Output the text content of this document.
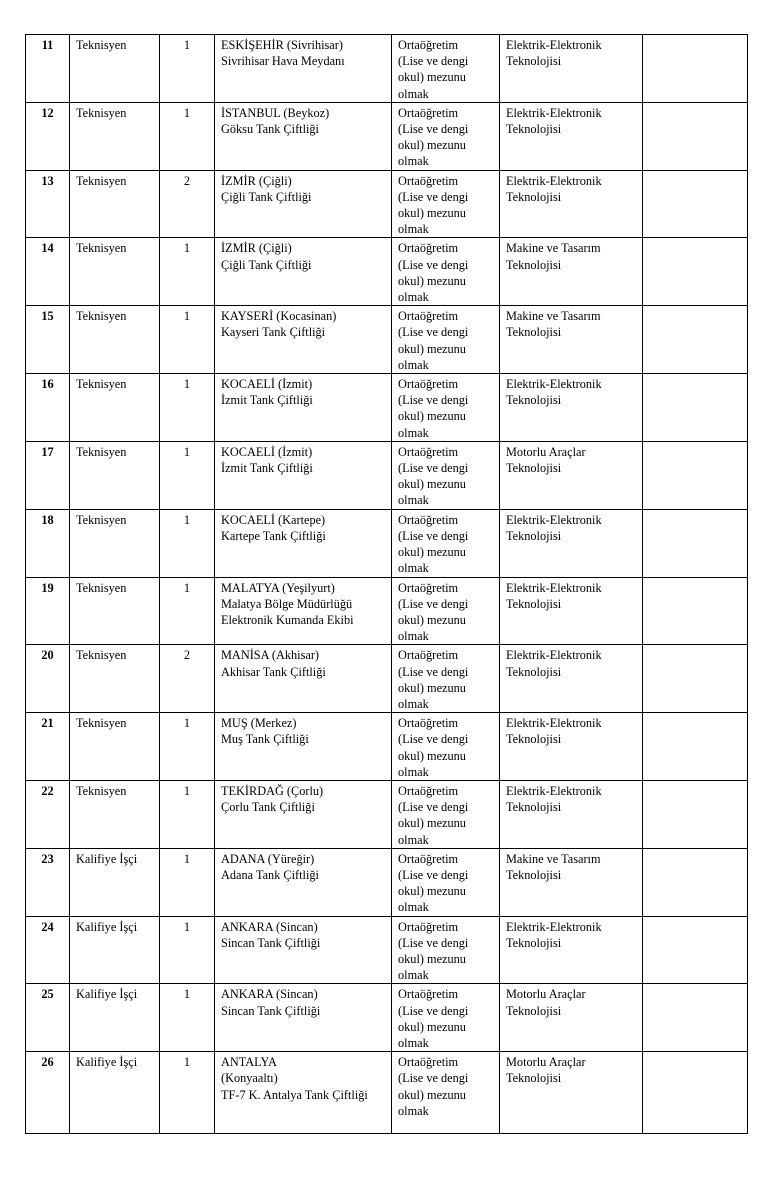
11	Teknisyen	1	ESKİŞEHİR (Sivrihisar)
Sivrihisar Hava Meydanı	Ortaöğretim
(Lise ve dengi
okul) mezunu
olmak	Elektrik-Elektronik
Teknolojisi	

12	Teknisyen	1	İSTANBUL (Beykoz)
Göksu Tank Çiftliği	Ortaöğretim
(Lise ve dengi
okul) mezunu
olmak	Elektrik-Elektronik
Teknolojisi	

13	Teknisyen	2	İZMİR (Çiğli)
Çiğli Tank Çiftliği	Ortaöğretim
(Lise ve dengi
okul) mezunu
olmak	Elektrik-Elektronik
Teknolojisi	

14	Teknisyen	1	İZMİR (Çiğli)
Çiğli Tank Çiftliği	Ortaöğretim
(Lise ve dengi
okul) mezunu
olmak	Makine ve Tasarım
Teknolojisi	

15	Teknisyen	1	KAYSERİ (Kocasinan)
Kayseri Tank Çiftliği	Ortaöğretim
(Lise ve dengi
okul) mezunu
olmak	Makine ve Tasarım
Teknolojisi	

16	Teknisyen	1	KOCAELİ (İzmit)
İzmit Tank Çiftliği	Ortaöğretim
(Lise ve dengi
okul) mezunu
olmak	Elektrik-Elektronik
Teknolojisi	

17	Teknisyen	1	KOCAELİ (İzmit)
İzmit Tank Çiftliği	Ortaöğretim
(Lise ve dengi
okul) mezunu
olmak	Motorlu Araçlar
Teknolojisi	

18	Teknisyen	1	KOCAELİ (Kartepe)
Kartepe Tank Çiftliği	Ortaöğretim
(Lise ve dengi
okul) mezunu
olmak	Elektrik-Elektronik
Teknolojisi	

19	Teknisyen	1	MALATYA (Yeşilyurt)
Malatya Bölge Müdürlüğü
Elektronik Kumanda Ekibi	Ortaöğretim
(Lise ve dengi
okul) mezunu
olmak	Elektrik-Elektronik
Teknolojisi	

20	Teknisyen	2	MANİSA (Akhisar)
Akhisar Tank Çiftliği	Ortaöğretim
(Lise ve dengi
okul) mezunu
olmak	Elektrik-Elektronik
Teknolojisi	

21	Teknisyen	1	MUŞ (Merkez)
Muş Tank Çiftliği	Ortaöğretim
(Lise ve dengi
okul) mezunu
olmak	Elektrik-Elektronik
Teknolojisi	

22	Teknisyen	1	TEKİRDAĞ (Çorlu)
Çorlu Tank Çiftliği	Ortaöğretim
(Lise ve dengi
okul) mezunu
olmak	Elektrik-Elektronik
Teknolojisi	

23	Kalifiye İşçi	1	ADANA (Yüreğir)
Adana Tank Çiftliği	Ortaöğretim
(Lise ve dengi
okul) mezunu
olmak	Makine ve Tasarım
Teknolojisi	

24	Kalifiye İşçi	1	ANKARA (Sincan)
Sincan Tank Çiftliği	Ortaöğretim
(Lise ve dengi
okul) mezunu
olmak	Elektrik-Elektronik
Teknolojisi	

25	Kalifiye İşçi	1	ANKARA (Sincan)
Sincan Tank Çiftliği	Ortaöğretim
(Lise ve dengi
okul) mezunu
olmak	Motorlu Araçlar
Teknolojisi	

26	Kalifiye İşçi	1	ANTALYA
(Konyaaltı)
TF-7 K. Antalya Tank Çiftliği	Ortaöğretim
(Lise ve dengi
okul) mezunu
olmak	Motorlu Araçlar
Teknolojisi	
